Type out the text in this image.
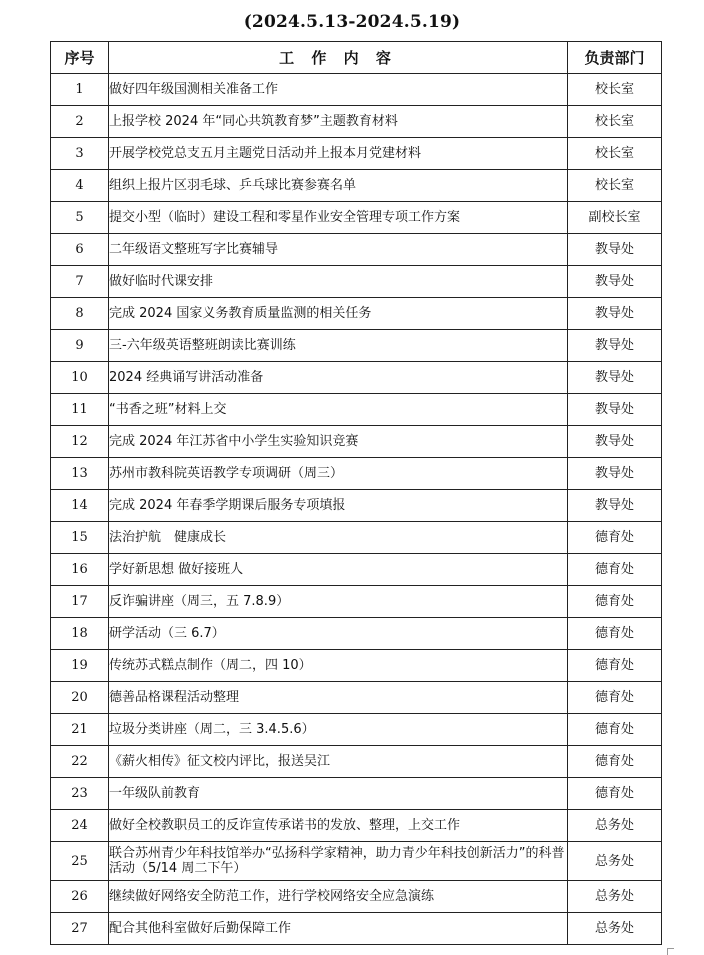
(2024.5.13-2024.5.19)
序号	工 作 内 容	负责部门
1	做好四年级国测相关准备工作	校长室
2	上报学校 2024 年“同心共筑教育梦”主题教育材料	校长室
3	开展学校党总支五月主题党日活动并上报本月党建材料	校长室
4	组织上报片区羽毛球、乒乓球比赛参赛名单	校长室
5	提交小型（临时）建设工程和零星作业安全管理专项工作方案	副校长室
6	二年级语文整班写字比赛辅导	教导处
7	做好临时代课安排	教导处
8	完成 2024 国家义务教育质量监测的相关任务	教导处
9	三-六年级英语整班朗读比赛训练	教导处
10	2024 经典诵写讲活动准备	教导处
11	“书香之班”材料上交	教导处
12	完成 2024 年江苏省中小学生实验知识竞赛	教导处
13	苏州市教科院英语教学专项调研（周三）	教导处
14	完成 2024 年春季学期课后服务专项填报	教导处
15	法治护航　健康成长	德育处
16	学好新思想 做好接班人	德育处
17	反诈骗讲座（周三，五 7.8.9）	德育处
18	研学活动（三 6.7）	德育处
19	传统苏式糕点制作（周二，四 10）	德育处
20	德善品格课程活动整理	德育处
21	垃圾分类讲座（周二，三 3.4.5.6）	德育处
22	《薪火相传》征文校内评比，报送吴江	德育处
23	一年级队前教育	德育处
24	做好全校教职员工的反诈宣传承诺书的发放、整理，上交工作	总务处
25	联合苏州青少年科技馆举办“弘扬科学家精神，助力青少年科技创新活力”的科普活动（5/14 周二下午）	总务处
26	继续做好网络安全防范工作，进行学校网络安全应急演练	总务处
27	配合其他科室做好后勤保障工作	总务处
